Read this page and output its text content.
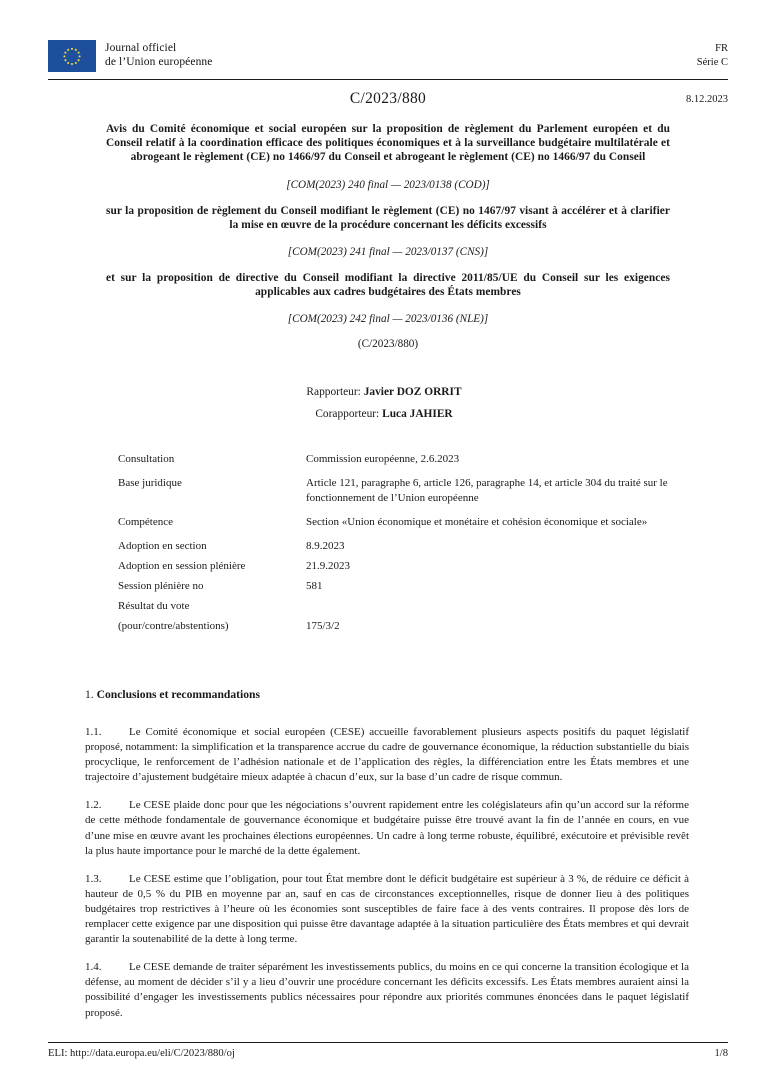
Journal officiel
de l’Union européenne
FR
Série C
C/2023/880	8.12.2023
Avis du Comité économique et social européen sur la proposition de règlement du Parlement européen et du Conseil relatif à la coordination efficace des politiques économiques et à la surveillance budgétaire multilatérale et abrogeant le règlement (CE) no 1466/97 du Conseil et abrogeant le règlement (CE) no 1466/97 du Conseil
[COM(2023) 240 final — 2023/0138 (COD)]
sur la proposition de règlement du Conseil modifiant le règlement (CE) no 1467/97 visant à accélérer et à clarifier la mise en œuvre de la procédure concernant les déficits excessifs
[COM(2023) 241 final — 2023/0137 (CNS)]
et sur la proposition de directive du Conseil modifiant la directive 2011/85/UE du Conseil sur les exigences applicables aux cadres budgétaires des États membres
[COM(2023) 242 final — 2023/0136 (NLE)]
(C/2023/880)
Rapporteur: Javier DOZ ORRIT
Corapporteur: Luca JAHIER
Consultation	Commission européenne, 2.6.2023
Base juridique	Article 121, paragraphe 6, article 126, paragraphe 14, et article 304 du traité sur le fonctionnement de l’Union européenne
Compétence	Section «Union économique et monétaire et cohésion économique et sociale»
Adoption en section	8.9.2023
Adoption en session plénière	21.9.2023
Session plénière no	581
Résultat du vote
(pour/contre/abstentions)	175/3/2
1. Conclusions et recommandations

1.1.	Le Comité économique et social européen (CESE) accueille favorablement plusieurs aspects positifs du paquet législatif proposé, notamment: la simplification et la transparence accrue du cadre de gouvernance économique, la réduction substantielle du biais procyclique, le renforcement de l’adhésion nationale et de l’application des règles, la différenciation entre les États membres et une trajectoire d’ajustement budgétaire mieux adaptée à chacun d’eux, sur la base d’un cadre de risque commun.

1.2.	Le CESE plaide donc pour que les négociations s’ouvrent rapidement entre les colégislateurs afin qu’un accord sur la réforme de cette méthode fondamentale de gouvernance économique et budgétaire puisse être trouvé avant la fin de l’année en cours, en vue d’une mise en œuvre avant les prochaines élections européennes. Un cadre à long terme robuste, équilibré, exécutoire et prévisible revêt la plus haute importance pour le marché de la dette également.

1.3.	Le CESE estime que l’obligation, pour tout État membre dont le déficit budgétaire est supérieur à 3 %, de réduire ce déficit à hauteur de 0,5 % du PIB en moyenne par an, sauf en cas de circonstances exceptionnelles, risque de donner lieu à des politiques budgétaires trop restrictives à l’heure où les économies sont susceptibles de faire face à des vents contraires. Il propose dès lors de remplacer cette exigence par une disposition qui puisse être davantage adaptée à la situation particulière des États membres et qui devrait garantir la soutenabilité de la dette à long terme.

1.4.	Le CESE demande de traiter séparément les investissements publics, du moins en ce qui concerne la transition écologique et la défense, au moment de décider s’il y a lieu d’ouvrir une procédure concernant les déficits excessifs. Les États membres auraient ainsi la possibilité d’engager les investissements publics nécessaires pour répondre aux priorités communes énoncées dans le paquet législatif proposé.

ELI: http://data.europa.eu/eli/C/2023/880/oj	1/8
